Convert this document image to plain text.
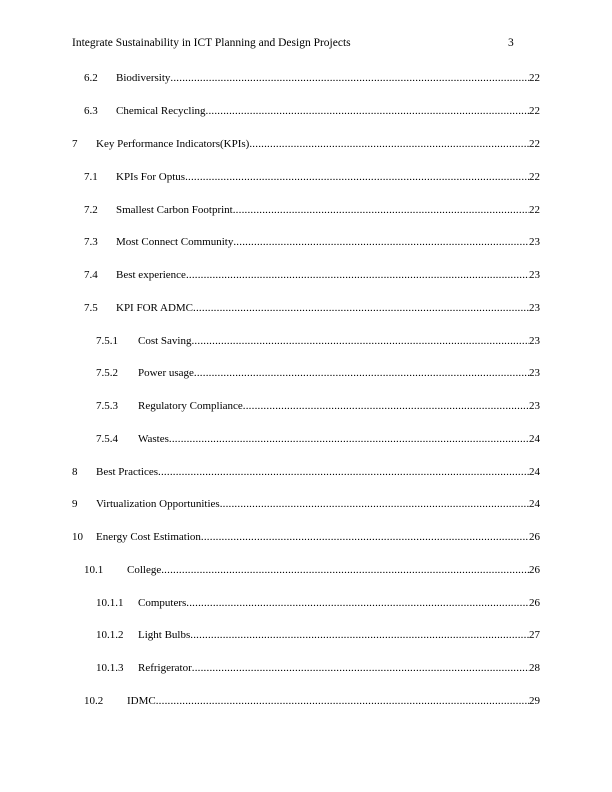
Integrate Sustainability in ICT Planning and Design Projects	3
6.2	Biodiversity .....	22
6.3	Chemical Recycling .....	22
7	Key Performance Indicators(KPIs) .....	22
7.1	KPIs For Optus .....	22
7.2	Smallest Carbon Footprint .....	22
7.3	Most Connect Community .....	23
7.4	Best experience .....	23
7.5	KPI FOR ADMC .....	23
7.5.1	Cost Saving .....	23
7.5.2	Power usage .....	23
7.5.3	Regulatory Compliance .....	23
7.5.4	Wastes .....	24
8	Best Practices .....	24
9	Virtualization Opportunities .....	24
10	Energy Cost Estimation .....	26
10.1	College .....	26
10.1.1	Computers .....	26
10.1.2	Light Bulbs .....	27
10.1.3	Refrigerator .....	28
10.2	IDMC .....	29
